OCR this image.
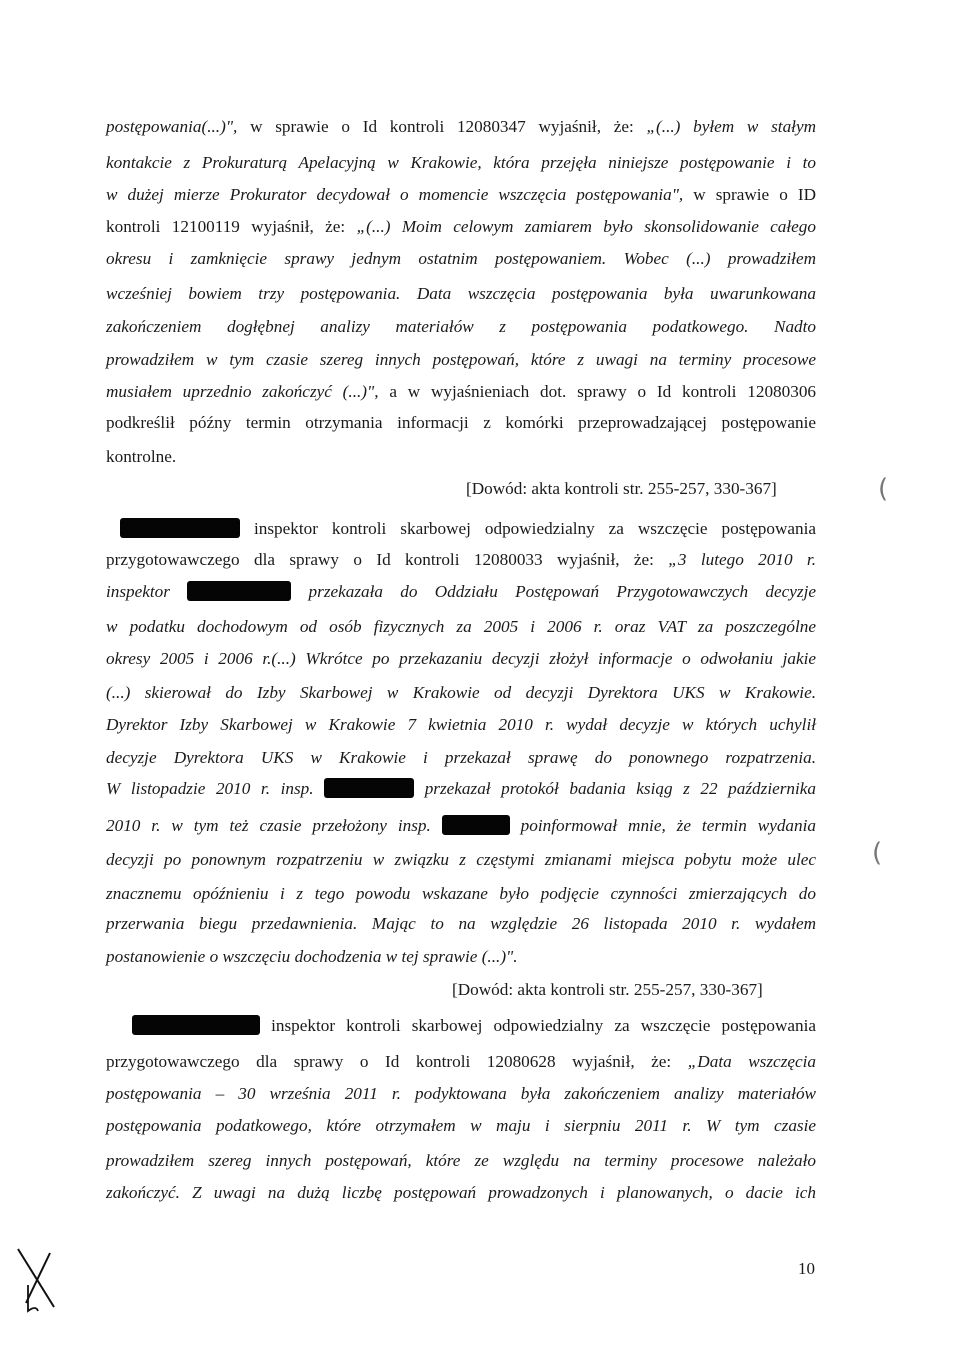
postępowania(...)", w sprawie o Id kontroli 12080347 wyjaśnił, że: „(...) byłem w stałym
kontakcie z Prokuraturą Apelacyjną w Krakowie, która przejęła niniejsze postępowanie i to
w dużej mierze Prokurator decydował o momencie wszczęcia postępowania", w sprawie o ID
kontroli 12100119 wyjaśnił, że: „(...) Moim celowym zamiarem było skonsolidowanie całego
okresu i zamknięcie sprawy jednym ostatnim postępowaniem. Wobec (...) prowadziłem
wcześniej bowiem trzy postępowania. Data wszczęcia postępowania była uwarunkowana
zakończeniem dogłębnej analizy materiałów z postępowania podatkowego. Nadto
prowadziłem w tym czasie szereg innych postępowań, które z uwagi na terminy procesowe
musiałem uprzednio zakończyć (...)", a w wyjaśnieniach dot. sprawy o Id kontroli 12080306
podkreślił późny termin otrzymania informacji z komórki przeprowadzającej postępowanie
kontrolne.
[Dowód: akta kontroli str. 255-257, 330-367]
inspektor kontroli skarbowej odpowiedzialny za wszczęcie postępowania
przygotowawczego dla sprawy o Id kontroli 12080033 wyjaśnił, że: „3 lutego 2010 r.
inspektor	przekazała do Oddziału Postępowań Przygotowawczych decyzje
w podatku dochodowym od osób fizycznych za 2005 i 2006 r. oraz VAT za poszczególne
okresy 2005 i 2006 r.(...) Wkrótce po przekazaniu decyzji złożył informacje o odwołaniu jakie
(...) skierował do Izby Skarbowej w Krakowie od decyzji Dyrektora UKS w Krakowie.
Dyrektor Izby Skarbowej w Krakowie 7 kwietnia 2010 r. wydał decyzje w których uchylił
decyzje Dyrektora UKS w Krakowie i przekazał sprawę do ponownego rozpatrzenia.
W listopadzie 2010 r. insp.	przekazał protokół badania ksiąg z 22 października
2010 r. w tym też czasie przełożony insp.	poinformował mnie, że termin wydania
decyzji po ponownym rozpatrzeniu w związku z częstymi zmianami miejsca pobytu może ulec
znacznemu opóźnieniu i z tego powodu wskazane było podjęcie czynności zmierzających do
przerwania biegu przedawnienia. Mając to na względzie 26 listopada 2010 r. wydałem
postanowienie o wszczęciu dochodzenia w tej sprawie (...)".
[Dowód: akta kontroli str. 255-257, 330-367]
inspektor kontroli skarbowej odpowiedzialny za wszczęcie postępowania
przygotowawczego dla sprawy o Id kontroli 12080628 wyjaśnił, że: „Data wszczęcia
postępowania – 30 września 2011 r. podyktowana była zakończeniem analizy materiałów
postępowania podatkowego, które otrzymałem w maju i sierpniu 2011 r. W tym czasie
prowadziłem szereg innych postępowań, które ze względu na terminy procesowe należało
zakończyć. Z uwagi na dużą liczbę postępowań prowadzonych i planowanych, o dacie ich
10
(
(
